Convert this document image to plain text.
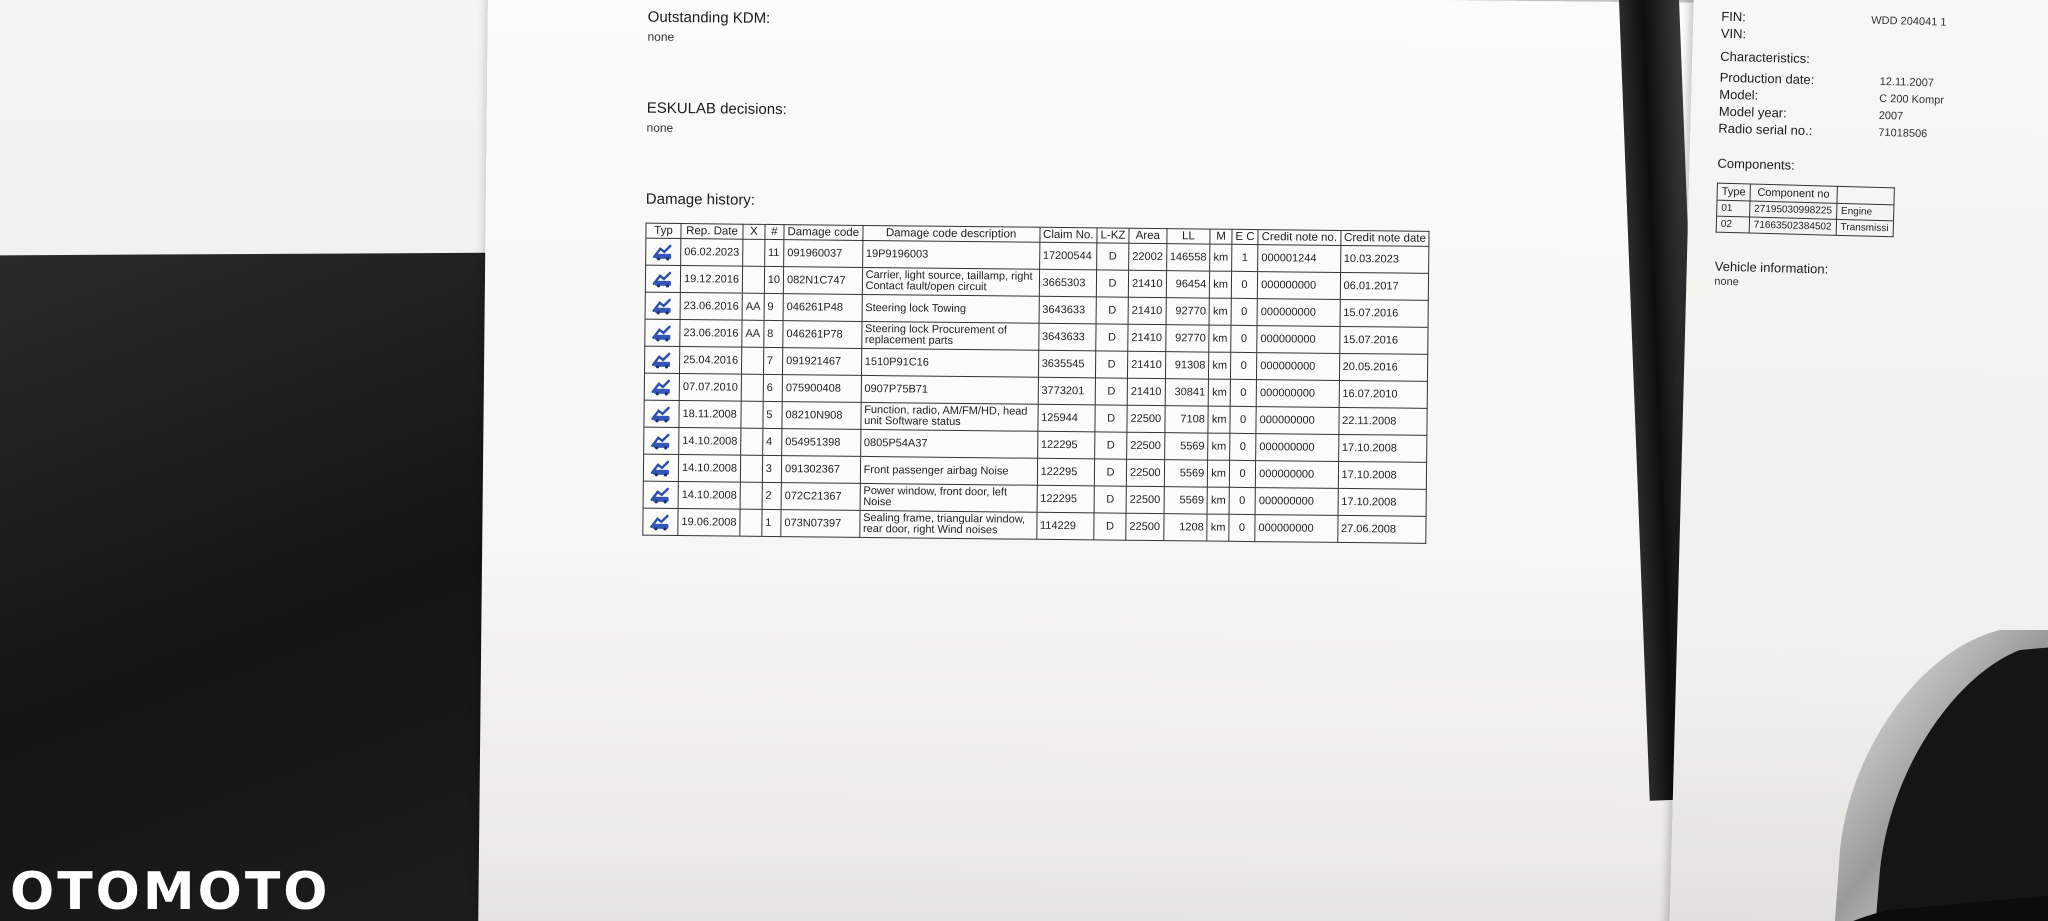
Outstanding KDM:

none

ESKULAB decisions:

none

Damage history:

Typ	Rep. Date	X	#	Damage code	Damage code description	Claim No.	L-KZ	Area	LL	M	E C	Credit note no.	Credit note date

	06.02.2023		11	091960037	19P9196003	17200544	D	22002	146558	km	1	000001244	10.03.2023

	19.12.2016		10	082N1C747	Carrier, light source, taillamp, right Contact fault/open circuit	3665303	D	21410	96454	km	0	000000000	06.01.2017

	23.06.2016	AA	9	046261P48	Steering lock Towing	3643633	D	21410	92770	km	0	000000000	15.07.2016

	23.06.2016	AA	8	046261P78	Steering lock Procurement of replacement parts	3643633	D	21410	92770	km	0	000000000	15.07.2016

	25.04.2016		7	091921467	1510P91C16	3635545	D	21410	91308	km	0	000000000	20.05.2016

	07.07.2010		6	075900408	0907P75B71	3773201	D	21410	30841	km	0	000000000	16.07.2010

	18.11.2008		5	08210N908	Function, radio, AM/FM/HD, head unit Software status	125944	D	22500	7108	km	0	000000000	22.11.2008

	14.10.2008		4	054951398	0805P54A37	122295	D	22500	5569	km	0	000000000	17.10.2008

	14.10.2008		3	091302367	Front passenger airbag Noise	122295	D	22500	5569	km	0	000000000	17.10.2008

	14.10.2008		2	072C21367	Power window, front door, left Noise	122295	D	22500	5569	km	0	000000000	17.10.2008

	19.06.2008		1	073N07397	Sealing frame, triangular window, rear door, right Wind noises	114229	D	22500	1208	km	0	000000000	27.06.2008
FIN:	WDD 204041 1
VIN:
Characteristics:
Production date:	12.11.2007
Model:	C 200 Kompr
Model year:	2007
Radio serial no.:	71018506
Components:
Type	Component no	
01	27195030998225	Engine
02	71663502384502	Transmissi
Vehicle information:
none
OTOMOTO
